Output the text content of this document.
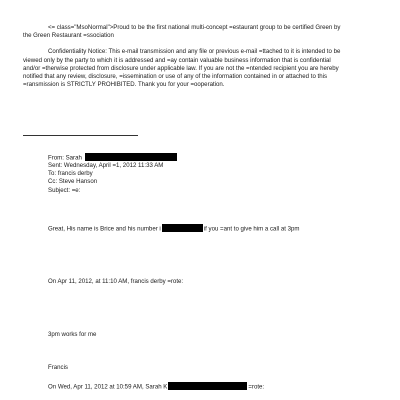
<= class="MsoNormal">Proud to be the first national multi-concept =estaurant group to be certified Green by

the Green Restaurant =ssociation

Confidentiality Notice: This e-mail transmission and any file or previous e-mail =ttached to it is intended to be

viewed only by the party to which it is addressed and =ay contain valuable business information that is confidential

and/or =therwise protected from disclosure under applicable law. If you are not the =ntended recipient you are hereby

notified that any review, disclosure, =issemination or use of any of the information contained in or attached to this

=ransmission is STRICTLY PROHIBITED. Thank you for your =ooperation.

From: Sarah

Sent: Wednesday, April =1, 2012 11:33 AM

To: francis derby

Cc: Steve Hanson

Subject: =e:

Great, His name is Brice and his number i	if you =ant to give him a call at 3pm

On Apr 11, 2012, at 11:10 AM, francis derby =rote:

3pm works for me

Francis

On Wed, Apr 11, 2012 at 10:59 AM, Sarah K	=rote:
